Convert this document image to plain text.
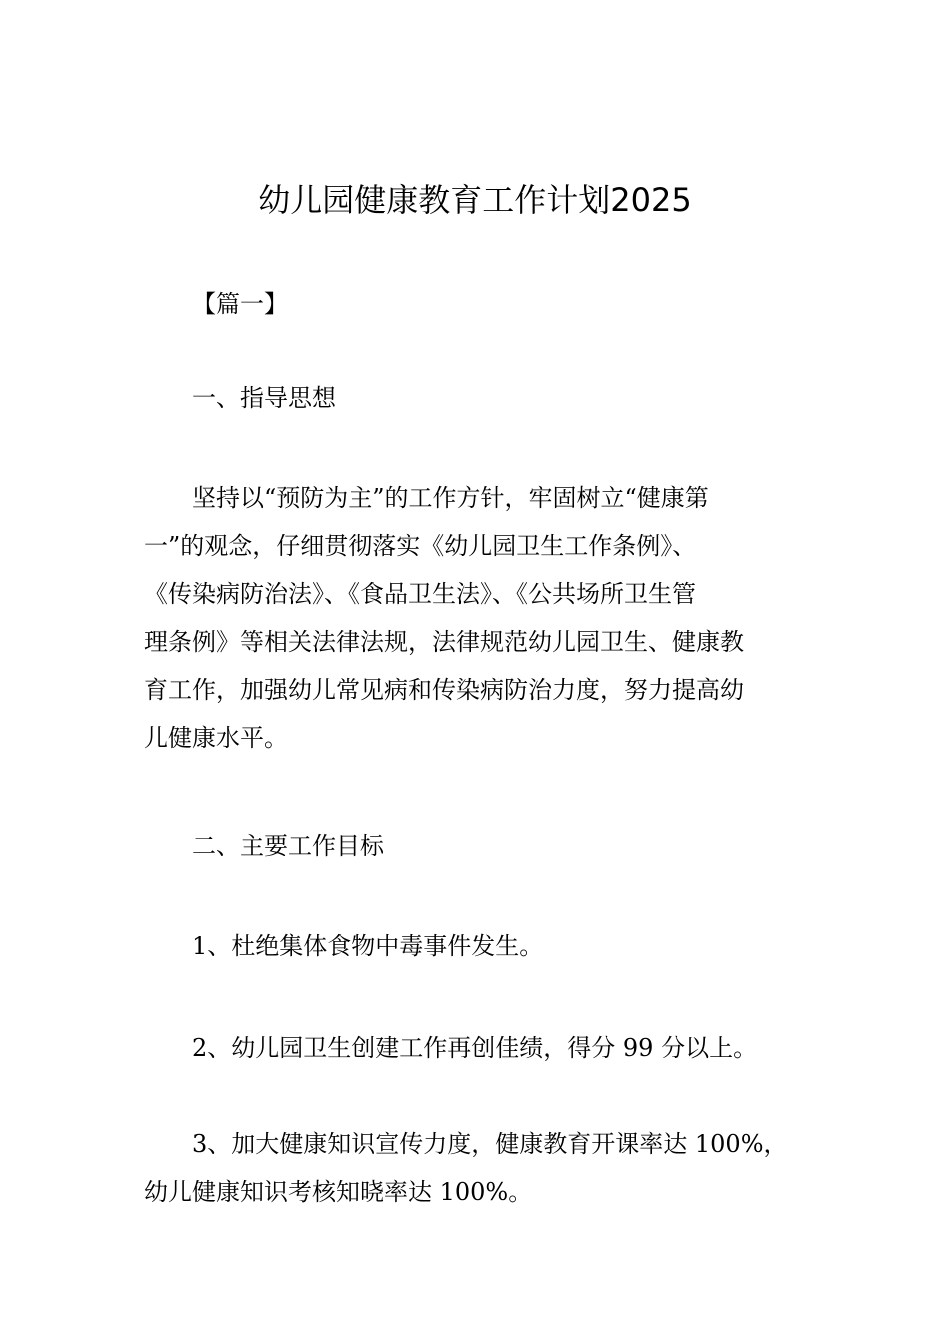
幼儿园健康教育工作计划2025

【篇一】

一、指导思想

坚持以“预防为主”的工作方针，牢固树立“健康第
一”的观念，仔细贯彻落实《幼儿园卫生工作条例》、
《传染病防治法》、《食品卫生法》、《公共场所卫生管
理条例》等相关法律法规，法律规范幼儿园卫生、健康教
育工作，加强幼儿常见病和传染病防治力度，努力提高幼
儿健康水平。

二、主要工作目标

1、杜绝集体食物中毒事件发生。

2、幼儿园卫生创建工作再创佳绩，得分 99 分以上。

3、加大健康知识宣传力度，健康教育开课率达 100%，
幼儿健康知识考核知晓率达 100%。
